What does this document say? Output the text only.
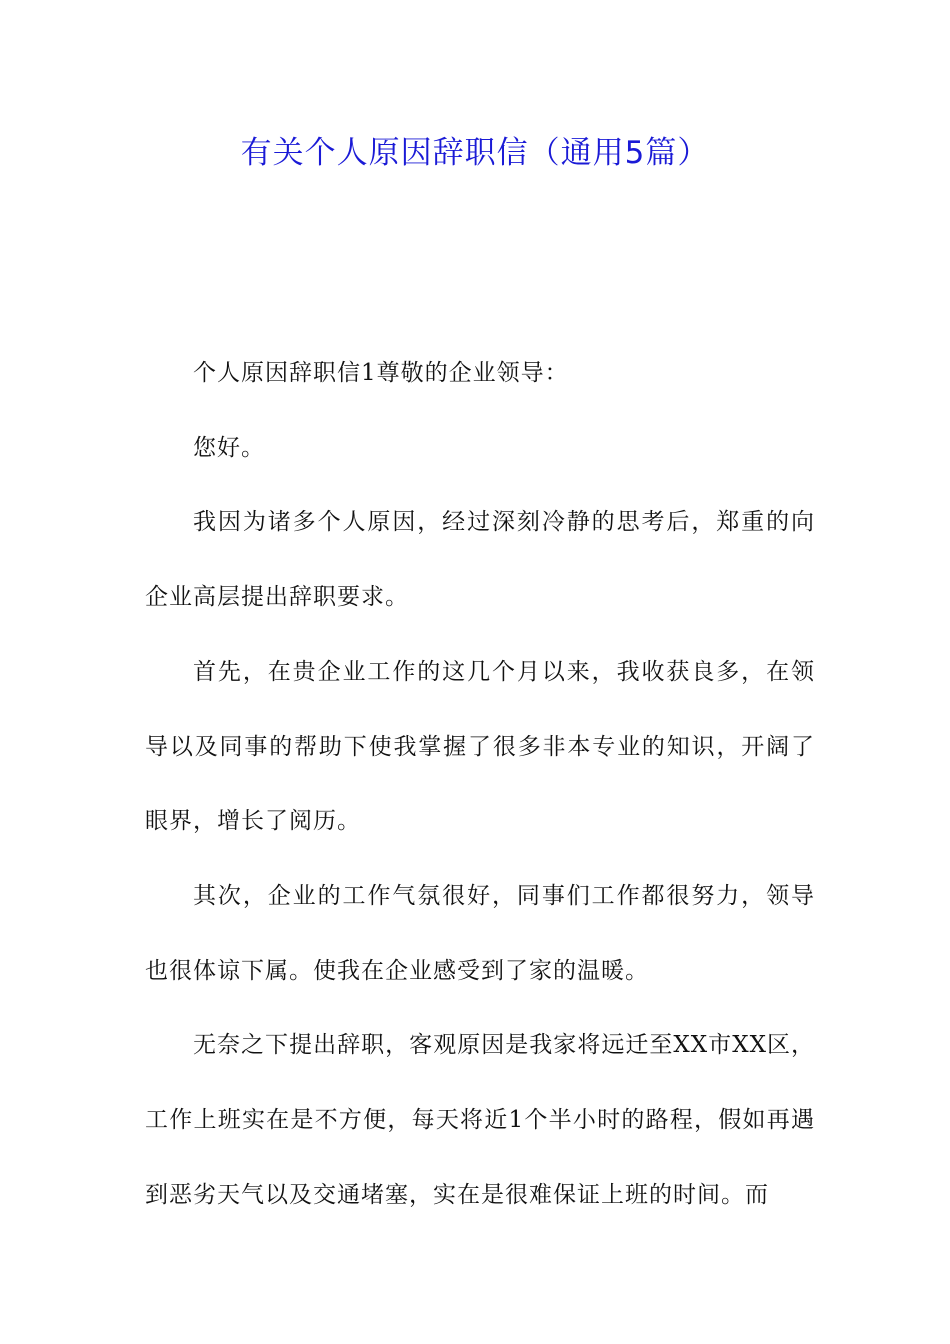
有关个人原因辞职信（通用5篇）

个人原因辞职信1尊敬的企业领导：

您好。

我因为诸多个人原因，经过深刻冷静的思考后，郑重的向企业高层提出辞职要求。

首先，在贵企业工作的这几个月以来，我收获良多，在领导以及同事的帮助下使我掌握了很多非本专业的知识，开阔了眼界，增长了阅历。

其次，企业的工作气氛很好，同事们工作都很努力，领导也很体谅下属。使我在企业感受到了家的温暖。

无奈之下提出辞职，客观原因是我家将远迁至XX市XX区，工作上班实在是不方便，每天将近1个半小时的路程，假如再遇到恶劣天气以及交通堵塞，实在是很难保证上班的时间。而
